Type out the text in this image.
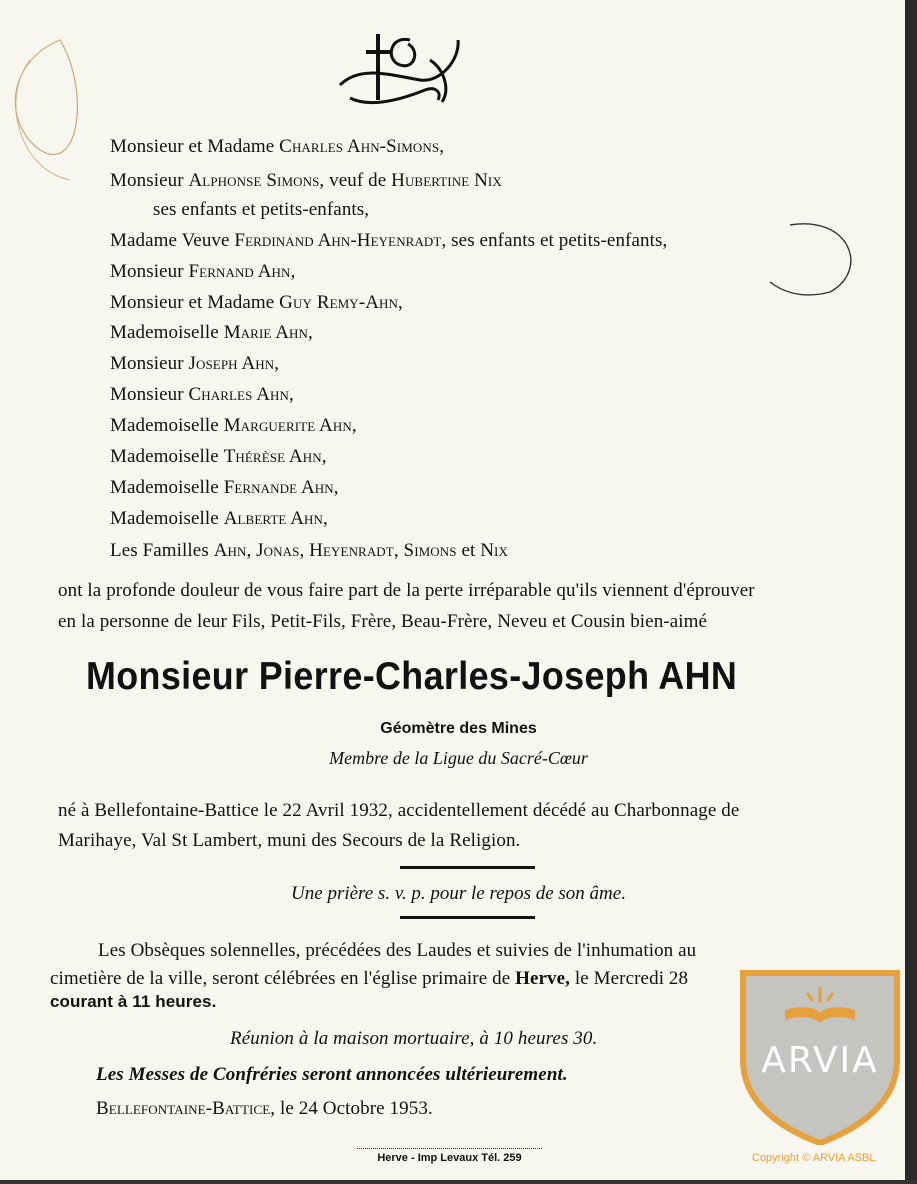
Monsieur et Madame Charles Ahn-Simons,
Monsieur Alphonse Simons, veuf de Hubertine Nix
ses enfants et petits-enfants,
Madame Veuve Ferdinand Ahn-Heyenradt, ses enfants et petits-enfants,
Monsieur Fernand Ahn,
Monsieur et Madame Guy Remy-Ahn,
Mademoiselle Marie Ahn,
Monsieur Joseph Ahn,
Monsieur Charles Ahn,
Mademoiselle Marguerite Ahn,
Mademoiselle Thérèse Ahn,
Mademoiselle Fernande Ahn,
Mademoiselle Alberte Ahn,
Les Familles Ahn, Jonas, Heyenradt, Simons et Nix
ont la profonde douleur de vous faire part de la perte irréparable qu'ils viennent d'éprouver
en la personne de leur Fils, Petit-Fils, Frère, Beau-Frère, Neveu et Cousin bien-aimé
Monsieur Pierre-Charles-Joseph AHN
Géomètre des Mines
Membre de la Ligue du Sacré-Cœur
né à Bellefontaine-Battice le 22 Avril 1932, accidentellement décédé au Charbonnage de
Marihaye, Val St Lambert, muni des Secours de la Religion.
Une prière s. v. p. pour le repos de son âme.
Les Obsèques solennelles, précédées des Laudes et suivies de l'inhumation au
cimetière de la ville, seront célébrées en l'église primaire de Herve, le Mercredi 28
courant à 11 heures.
Réunion à la maison mortuaire, à 10 heures 30.
Les Messes de Confréries seront annoncées ultérieurement.
Bellefontaine-Battice, le 24 Octobre 1953.
Herve - Imp Levaux Tél. 259
ARVIA
Copyright © ARVIA ASBL
